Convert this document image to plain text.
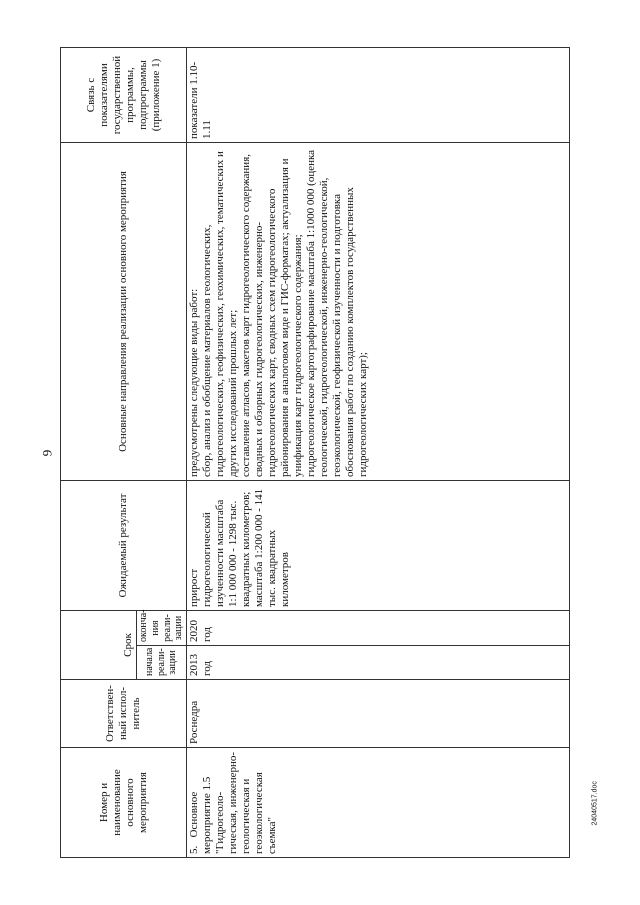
9
24040517.doc
Номер и наименование основного мероприятия	Ответствен-ный испол-нитель	Срок		Ожидаемый результат	Основные направления реализации основного мероприятия	Связь с показателями государственной программы, подпрограммы (приложение 1)
		начала реали-зации	оконча-ния реали-зации			
5.   Основное мероприятие 1.5 "Гидрогеоло-гическая, инженерно-геологическая и геоэкологическая съемка"	Роснедра	2013 год	2020 год	прирост гидрогеологической изученности масштаба 1:1 000 000 - 1298 тыс. квадратных километров; масштаба 1:200 000 - 141 тыс. квадратных километров	предусмотрены следующие виды работ: сбор, анализ и обобщение материалов геологических, гидрогеологических, геофизических, геохимических, тематических и других исследований прошлых лет; составление атласов, макетов карт гидрогеологического содержания, сводных и обзорных гидрогеологических, инженерно-гидрогеологических карт, сводных схем гидрогеологического районирования в аналоговом виде и ГИС-форматах; актуализация и унификация карт гидрогеологического содержания; гидрогеологическое картографирование масштаба 1:1000 000 (оценка геологической, гидрогеологической, инженерно-геологической, геоэкологической, геофизической изученности и подготовка обоснования работ по созданию комплектов государственных гидрогеологических карт);	показатели 1.10-1.11
